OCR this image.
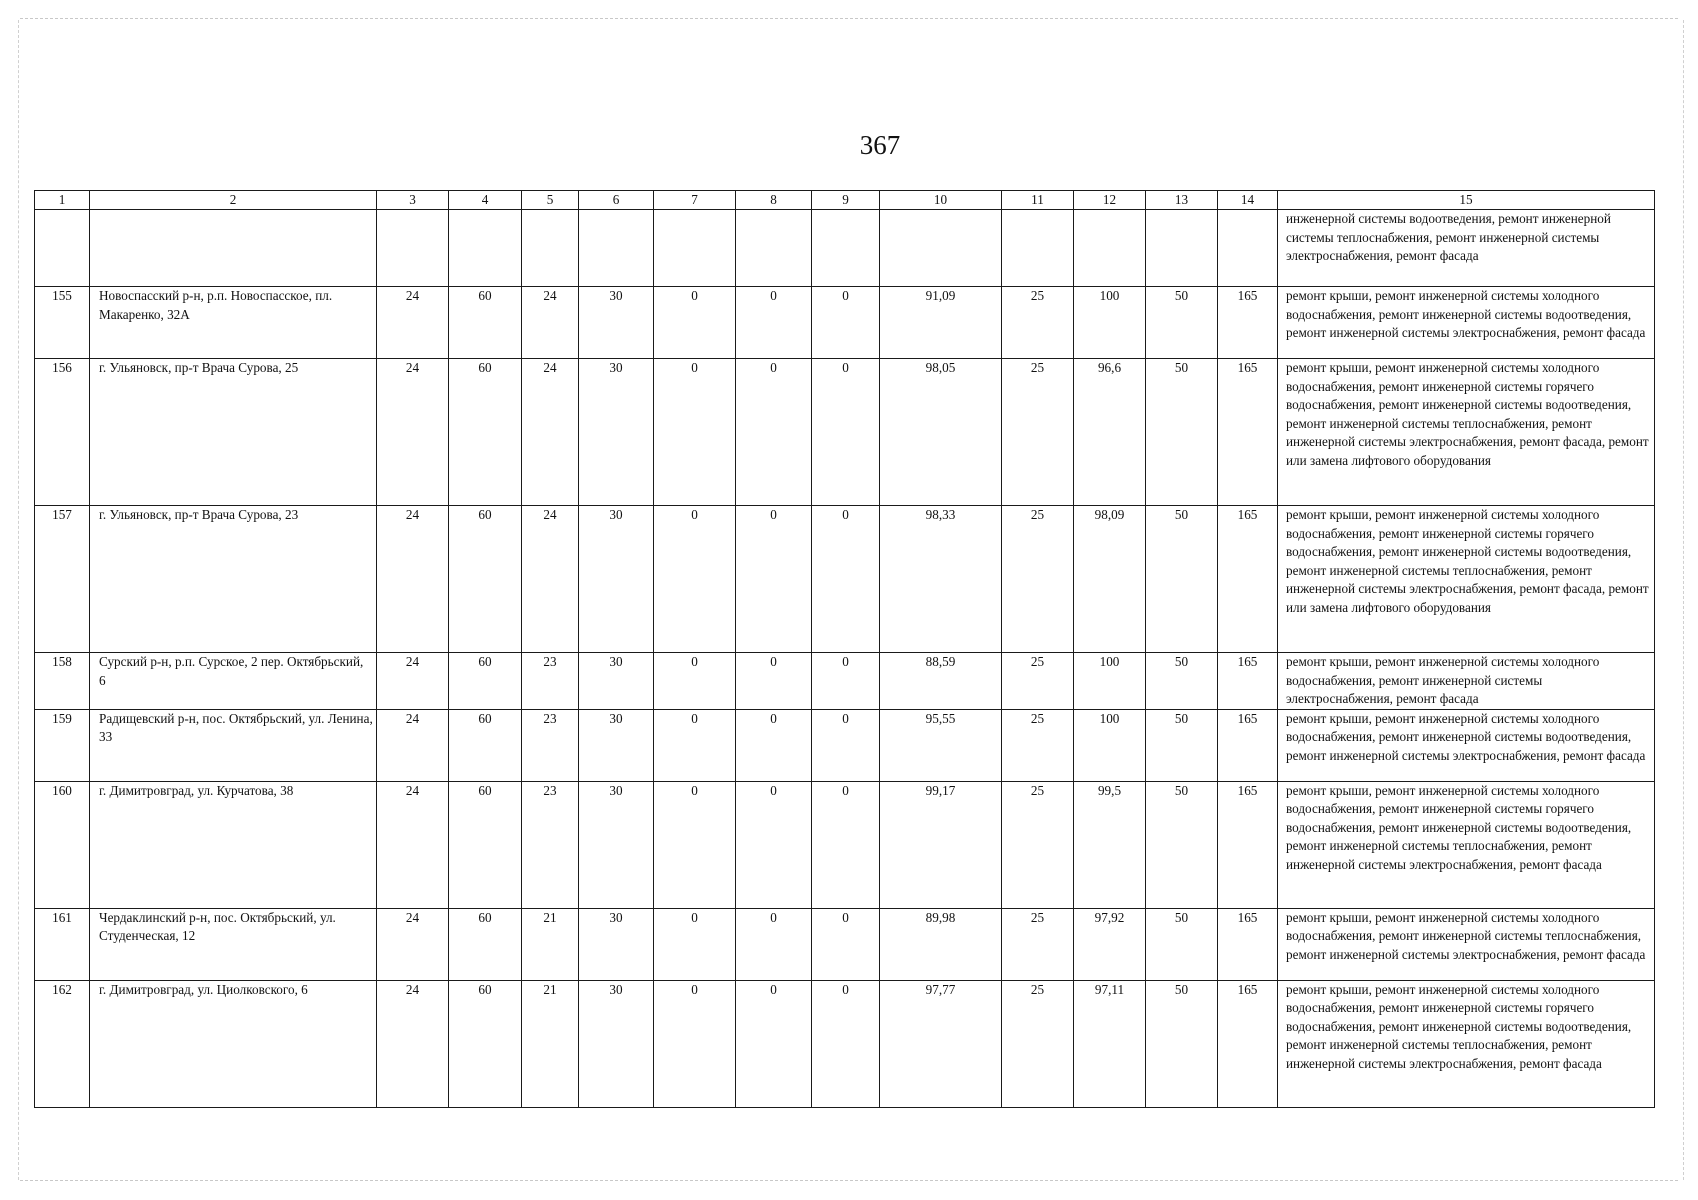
367
1	2	3	4	5	6	7	8	9	10	11	12	13	14	15
														инженерной системы водоотведения, ремонт инженерной системы теплоснабжения, ремонт инженерной системы электроснабжения, ремонт фасада
155	Новоспасский р-н, р.п. Новоспасское, пл. Макаренко, 32А	24	60	24	30	0	0	0	91,09	25	100	50	165	ремонт крыши, ремонт инженерной системы холодного водоснабжения, ремонт инженерной системы водоотведения, ремонт инженерной системы электроснабжения, ремонт фасада
156	г. Ульяновск, пр-т Врача Сурова, 25	24	60	24	30	0	0	0	98,05	25	96,6	50	165	ремонт крыши, ремонт инженерной системы холодного водоснабжения, ремонт инженерной системы горячего водоснабжения, ремонт инженерной системы водоотведения, ремонт инженерной системы теплоснабжения, ремонт инженерной системы электроснабжения, ремонт фасада, ремонт или замена лифтового оборудования
157	г. Ульяновск, пр-т Врача Сурова, 23	24	60	24	30	0	0	0	98,33	25	98,09	50	165	ремонт крыши, ремонт инженерной системы холодного водоснабжения, ремонт инженерной системы горячего водоснабжения, ремонт инженерной системы водоотведения, ремонт инженерной системы теплоснабжения, ремонт инженерной системы электроснабжения, ремонт фасада, ремонт или замена лифтового оборудования
158	Сурский р-н, р.п. Сурское, 2 пер. Октябрьский, 6	24	60	23	30	0	0	0	88,59	25	100	50	165	ремонт крыши, ремонт инженерной системы холодного водоснабжения, ремонт инженерной системы электроснабжения, ремонт фасада
159	Радищевский р-н, пос. Октябрьский, ул. Ленина, 33	24	60	23	30	0	0	0	95,55	25	100	50	165	ремонт крыши, ремонт инженерной системы холодного водоснабжения, ремонт инженерной системы водоотведения, ремонт инженерной системы электроснабжения, ремонт фасада
160	г. Димитровград, ул. Курчатова, 38	24	60	23	30	0	0	0	99,17	25	99,5	50	165	ремонт крыши, ремонт инженерной системы холодного водоснабжения, ремонт инженерной системы горячего водоснабжения, ремонт инженерной системы водоотведения, ремонт инженерной системы теплоснабжения, ремонт инженерной системы электроснабжения, ремонт фасада
161	Чердаклинский р-н, пос. Октябрьский, ул. Студенческая, 12	24	60	21	30	0	0	0	89,98	25	97,92	50	165	ремонт крыши, ремонт инженерной системы холодного водоснабжения, ремонт инженерной системы теплоснабжения, ремонт инженерной системы электроснабжения, ремонт фасада
162	г. Димитровград, ул. Циолковского, 6	24	60	21	30	0	0	0	97,77	25	97,11	50	165	ремонт крыши, ремонт инженерной системы холодного водоснабжения, ремонт инженерной системы горячего водоснабжения, ремонт инженерной системы водоотведения, ремонт инженерной системы теплоснабжения, ремонт инженерной системы электроснабжения, ремонт фасада
